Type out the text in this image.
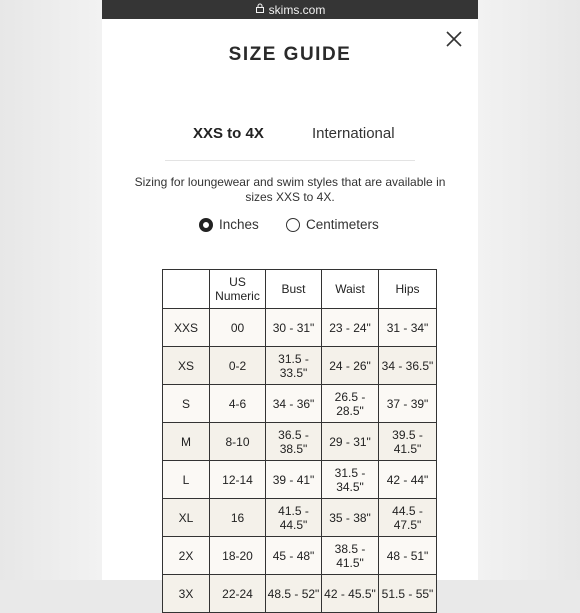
skims.com
SIZE GUIDE
XXS to 4X	International
Sizing for loungewear and swim styles that are available in sizes XXS to 4X.
Inches	Centimeters
	US Numeric	Bust	Waist	Hips
XXS	00	30 - 31"	23 - 24"	31 - 34"
XS	0-2	31.5 - 33.5"	24 - 26"	34 - 36.5"
S	4-6	34 - 36"	26.5 - 28.5"	37 - 39"
M	8-10	36.5 - 38.5"	29 - 31"	39.5 - 41.5"
L	12-14	39 - 41"	31.5 - 34.5"	42 - 44"
XL	16	41.5 - 44.5"	35 - 38"	44.5 - 47.5"
2X	18-20	45 - 48"	38.5 - 41.5"	48 - 51"
3X	22-24	48.5 - 52"	42 - 45.5"	51.5 - 55"
